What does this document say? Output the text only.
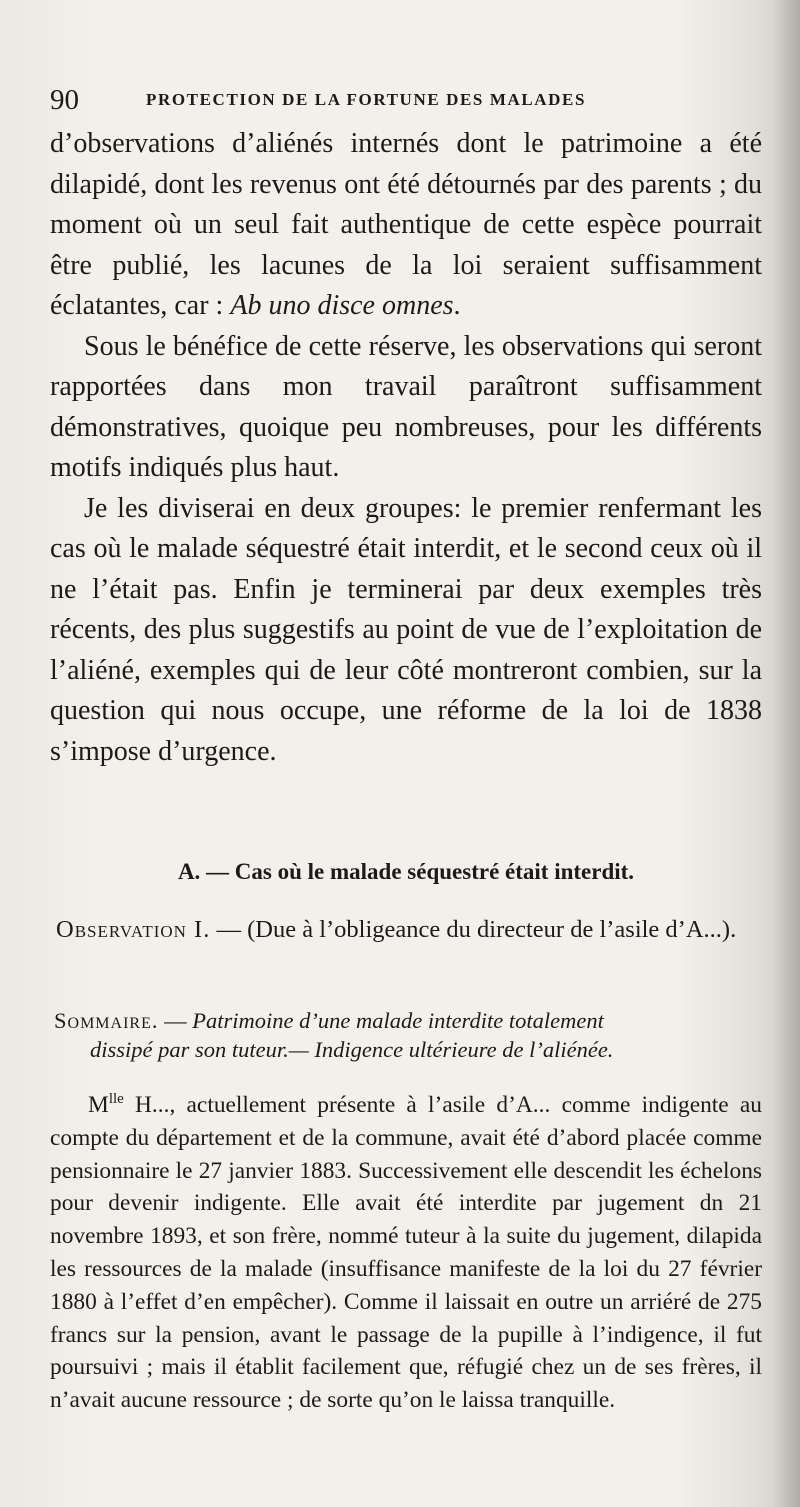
90	PROTECTION DE LA FORTUNE DES MALADES

d’observations d’aliénés internés dont le patrimoine a été dilapidé, dont les revenus ont été détournés par des parents ; du moment où un seul fait authentique de cette espèce pourrait être publié, les lacunes de la loi seraient suffisamment éclatantes, car : Ab uno disce omnes.

Sous le bénéfice de cette réserve, les observations qui seront rapportées dans mon travail paraîtront suffisamment démonstratives, quoique peu nombreuses, pour les différents motifs indiqués plus haut.

Je les diviserai en deux groupes: le premier renfermant les cas où le malade séquestré était interdit, et le second ceux où il ne l’était pas. Enfin je terminerai par deux exemples très récents, des plus suggestifs au point de vue de l’exploitation de l’aliéné, exemples qui de leur côté montreront combien, sur la question qui nous occupe, une réforme de la loi de 1838 s’impose d’urgence.

A. — Cas où le malade séquestré était interdit.
Observation I. — (Due à l’obligeance du directeur de l’asile d’A...).
Sommaire. — Patrimoine d’une malade interdite totalement
dissipé par son tuteur.— Indigence ultérieure de l’aliénée.

$M^{lle}$ H..., actuellement présente à l’asile d’A... comme indigente au compte du département et de la commune, avait été d’abord placée comme pensionnaire le 27 janvier 1883. Successivement elle descendit les échelons pour devenir indigente. Elle avait été interdite par jugement dn 21 novembre 1893, et son frère, nommé tuteur à la suite du jugement, dilapida les ressources de la malade (insuffisance manifeste de la loi du 27 février 1880 à l’effet d’en empêcher). Comme il laissait en outre un arriéré de 275 francs sur la pension, avant le passage de la pupille à l’indigence, il fut poursuivi ; mais il établit facilement que, réfugié chez un de ses frères, il n’avait aucune ressource ; de sorte qu’on le laissa tranquille.
